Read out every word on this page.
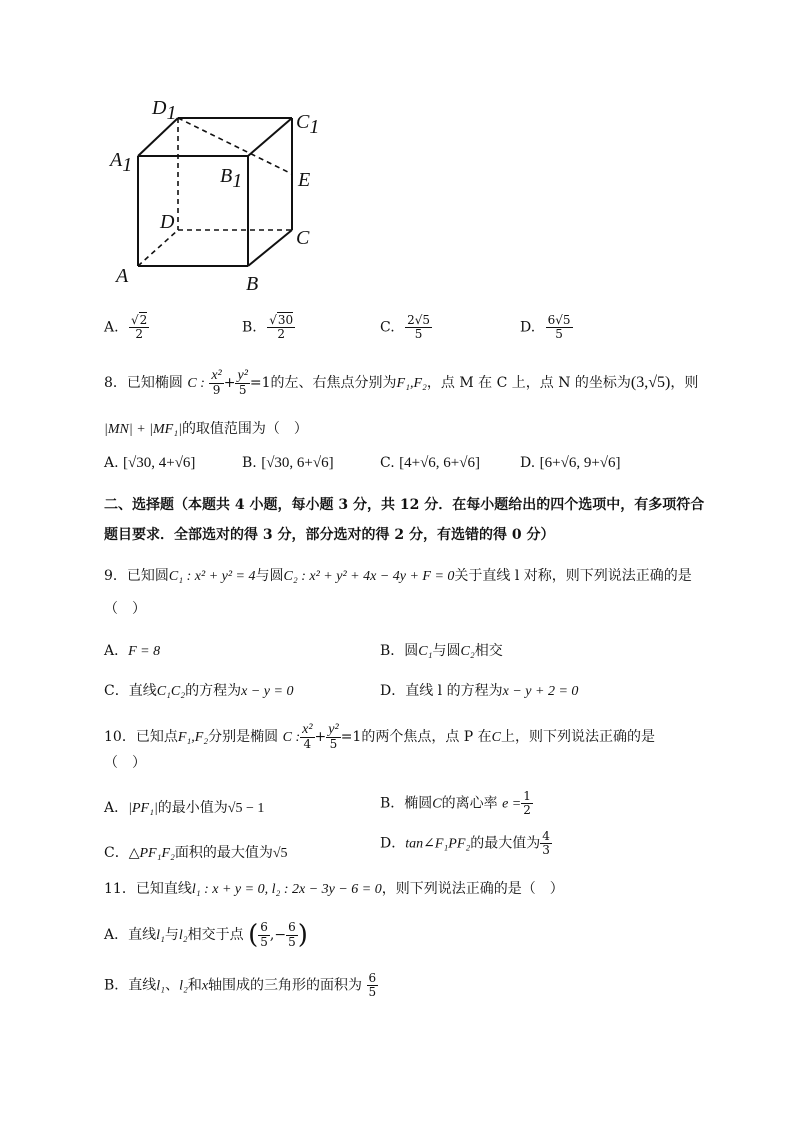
D1	C1
A1	B1	E
D
C
A	B
A. $\frac{√2}{2}$	B. $\frac{√30}{2}$	C. $\frac{2√5}{5}$	D. $\frac{6√5}{5}$
8．已知椭圆 C : $\frac{\text{x²}}{9} + \frac{\text{y²}}{5} =1$的左、右焦点分别为F₁,F₂，点 M 在 C 上，点 N 的坐标为(3,√5)，则
|MN| + |MF₁|的取值范围为（　）
A. [√30, 4+√6]	B. [√30, 6+√6]	C. [4+√6, 6+√6]	D. [6+√6, 9+√6]
二、选择题（本题共 4 小题，每小题 3 分，共 12 分．在每小题给出的四个选项中，有多项符合
题目要求．全部选对的得 3 分，部分选对的得 2 分，有选错的得 0 分）
9．已知圆C₁ : x² + y² = 4与圆C₂ : x² + y² + 4x − 4y + F = 0关于直线 l 对称，则下列说法正确的是
（　）
A．F = 8	B．圆C₁与圆C₂相交
C．直线C₁C₂的方程为x − y = 0	D．直线 l 的方程为x − y + 2 = 0
10．已知点F₁,F₂分别是椭圆 C : $\frac{\text{x²}}{4} + \frac{\text{y²}}{5} =1$的两个焦点，点 P 在C上，则下列说法正确的是
（　）
A．|PF₁|的最小值为√5 − 1	B．椭圆C的离心率 $e = \frac{1}{2}$
C．△PF₁F₂面积的最大值为√5
D．tan∠F₁PF₂的最大值为 $\frac{4}{3}$
11．已知直线l₁ : x + y = 0, l₂ : 2x − 3y − 6 = 0，则下列说法正确的是（　）
A．直线l₁与l₂相交于点 ( $\frac{6}{5}$ ,− $\frac{6}{5}$ )
B．直线l₁、l₂和x轴围成的三角形的面积为 $\frac{6}{5}$
